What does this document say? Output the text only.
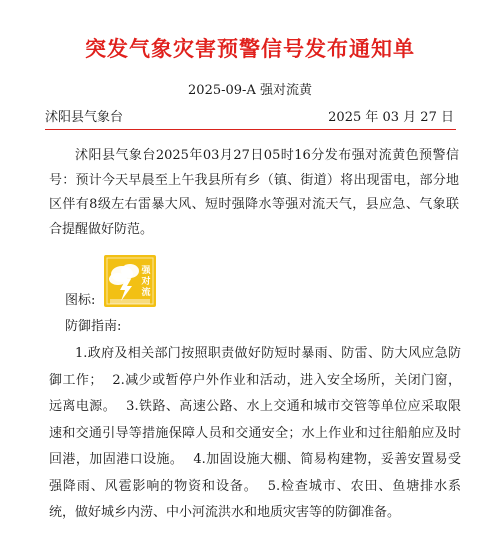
突发气象灾害预警信号发布通知单
2025-09-A 强对流黄
沭阳县气象台	2025 年 03 月 27 日
沭阳县气象台2025年03月27日05时16分发布强对流黄色预警信号：预计今天早晨至上午我县所有乡（镇、街道）将出现雷电，部分地区伴有8级左右雷暴大风、短时强降水等强对流天气，县应急、气象联合提醒做好防范。
强
对
流
图标:
防御指南:
1.政府及相关部门按照职责做好防短时暴雨、防雷、防大风应急防御工作； 2.减少或暂停户外作业和活动，进入安全场所，关闭门窗，远离电源。 3.铁路、高速公路、水上交通和城市交管等单位应采取限速和交通引导等措施保障人员和交通安全；水上作业和过往船舶应及时回港，加固港口设施。 4.加固设施大棚、简易构建物，妥善安置易受强降雨、风雹影响的物资和设备。 5.检查城市、农田、鱼塘排水系统，做好城乡内涝、中小河流洪水和地质灾害等的防御准备。
